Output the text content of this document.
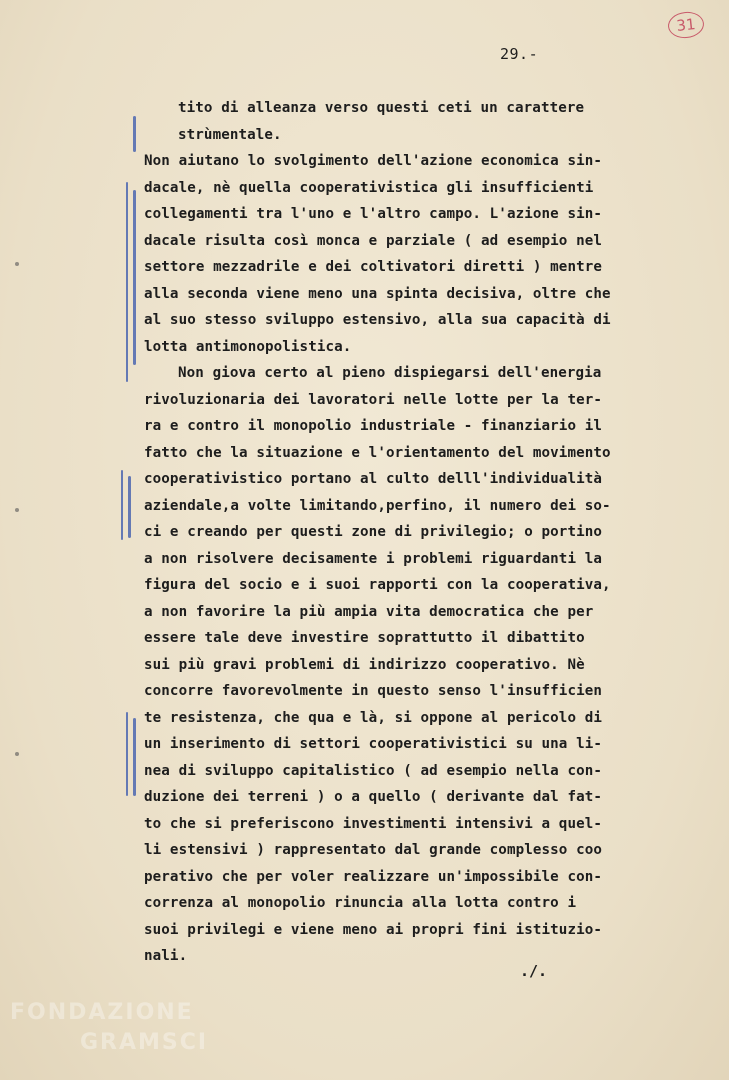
31
29.-
tito di alleanza verso questi ceti un carattere
strùmentale.
Non aiutano lo svolgimento dell'azione economica sin-
dacale, nè quella cooperativistica gli insufficienti
collegamenti tra l'uno e l'altro campo. L'azione sin-
dacale risulta così monca e parziale ( ad esempio nel
settore mezzadrile e dei coltivatori diretti ) mentre
alla seconda viene meno una spinta decisiva, oltre che
al suo stesso sviluppo estensivo, alla sua capacità di
lotta antimonopolistica.
Non giova certo al pieno dispiegarsi dell'energia
rivoluzionaria dei lavoratori nelle lotte per la ter-
ra e contro il monopolio industriale - finanziario il
fatto che la situazione e l'orientamento del movimento
cooperativistico portano al culto delll'individualità
aziendale,a volte limitando,perfino, il numero dei so-
ci e creando per questi zone di privilegio; o portino
a non risolvere decisamente i problemi riguardanti la
figura del socio e i suoi rapporti con la cooperativa,
a non favorire la più ampia vita democratica che per
essere tale deve investire soprattutto il dibattito
sui più gravi problemi di indirizzo cooperativo. Nè
concorre favorevolmente in questo senso l'insufficien
te resistenza, che qua e là, si oppone al pericolo di
un inserimento di settori cooperativistici su una li-
nea di sviluppo capitalistico ( ad esempio nella con-
duzione dei terreni ) o a quello ( derivante dal fat-
to che si preferiscono investimenti intensivi a quel-
li estensivi ) rappresentato dal grande complesso coo
perativo che per voler realizzare un'impossibile con-
correnza al monopolio rinuncia alla lotta contro i
suoi privilegi e viene meno ai propri fini istituzio-
nali.
./.
FONDAZIONE
GRAMSCI
